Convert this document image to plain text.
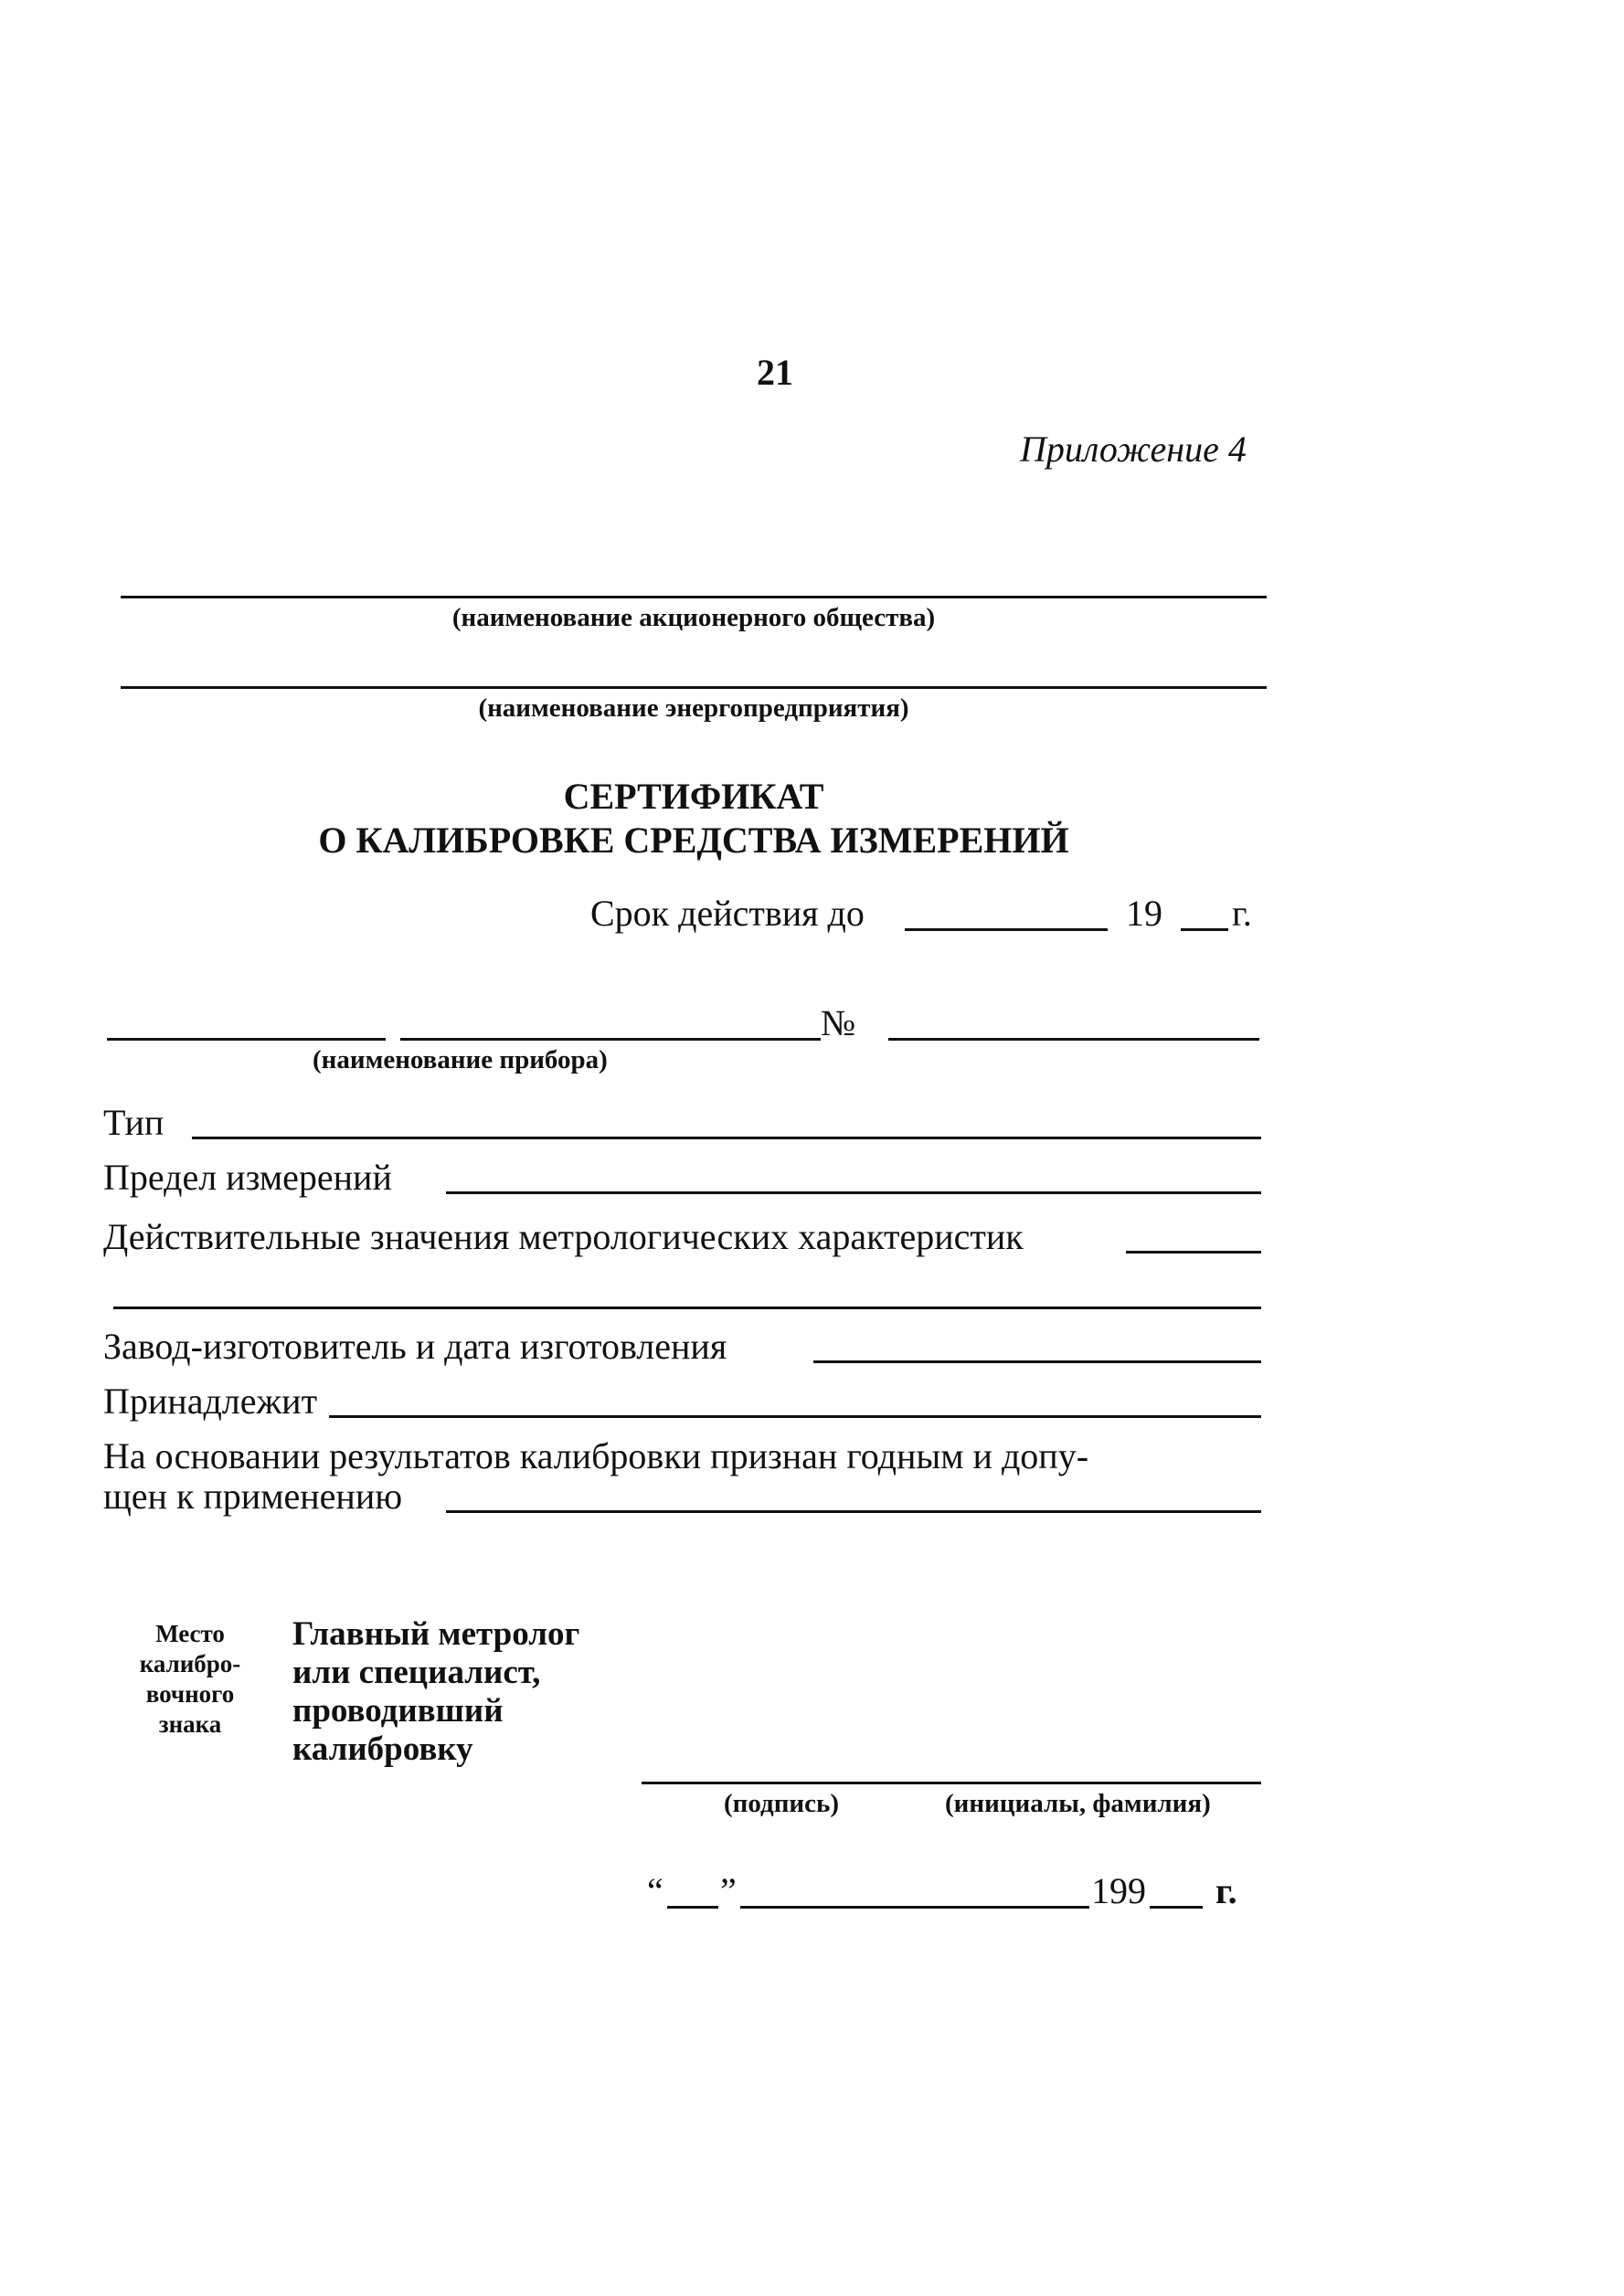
21
Приложение 4
(наименование акционерного общества)
(наименование энергопредприятия)
СЕРТИФИКАТ
О КАЛИБРОВКЕ СРЕДСТВА ИЗМЕРЕНИЙ
Срок действия до	19 г.
№
(наименование прибора)
Тип
Предел измерений
Действительные значения метрологических характеристик
Завод-изготовитель и дата изготовления
Принадлежит
На основании результатов калибровки признан годным и допу-
щен к применению
Место
калибро-
вочного
знака
Главный метролог
или специалист,
проводивший
калибровку
(подпись)	(инициалы, фамилия)
“ ”	199 г.
